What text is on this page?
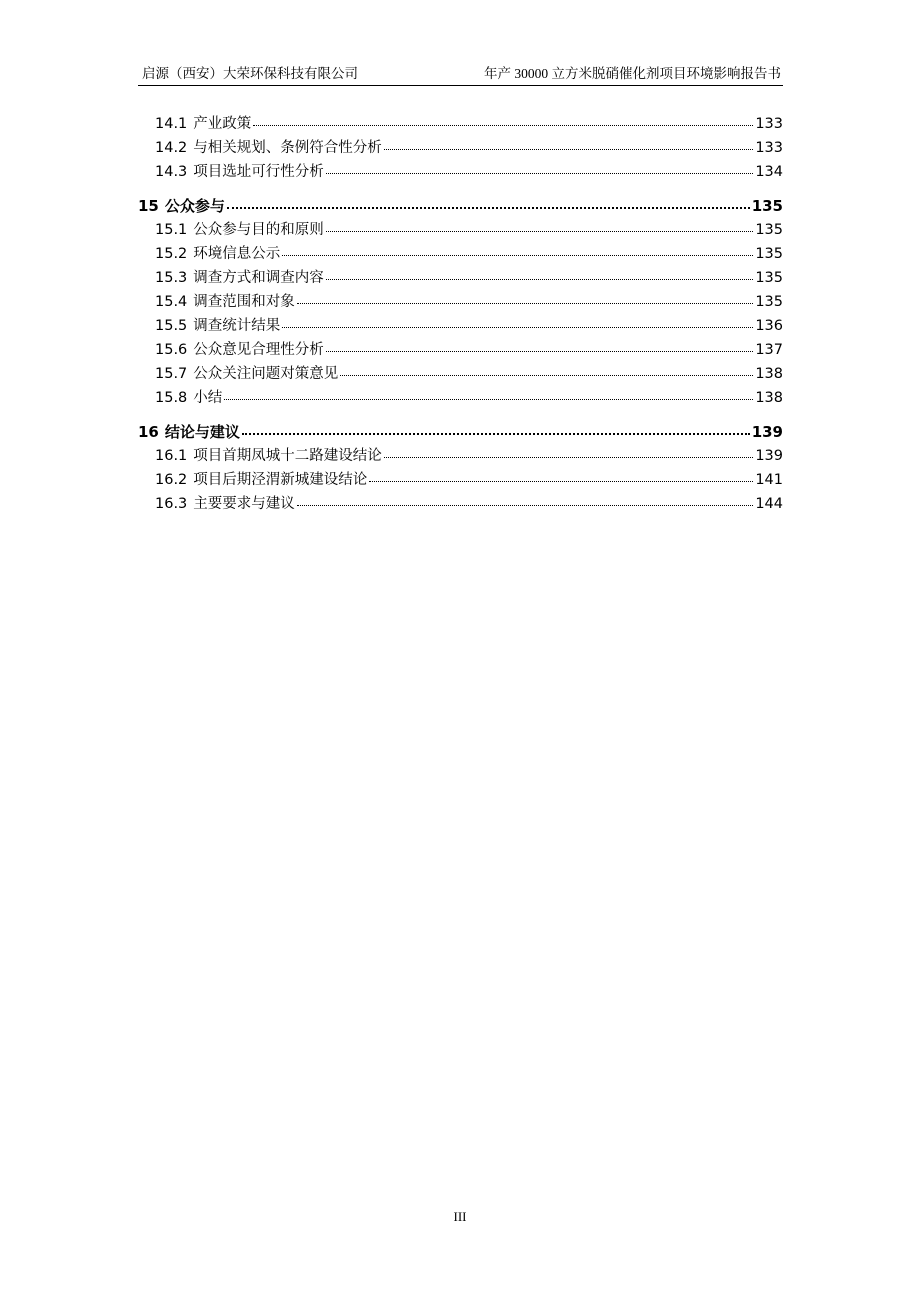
启源（西安）大荣环保科技有限公司	年产 30000 立方米脱硝催化剂项目环境影响报告书
14.1 产业政策	133
14.2 与相关规划、条例符合性分析	133
14.3 项目选址可行性分析	134
15 公众参与	135
15.1 公众参与目的和原则	135
15.2 环境信息公示	135
15.3 调查方式和调查内容	135
15.4 调查范围和对象	135
15.5 调查统计结果	136
15.6 公众意见合理性分析	137
15.7 公众关注问题对策意见	138
15.8 小结	138
16 结论与建议	139
16.1 项目首期凤城十二路建设结论	139
16.2 项目后期泾渭新城建设结论	141
16.3 主要要求与建议	144
III
